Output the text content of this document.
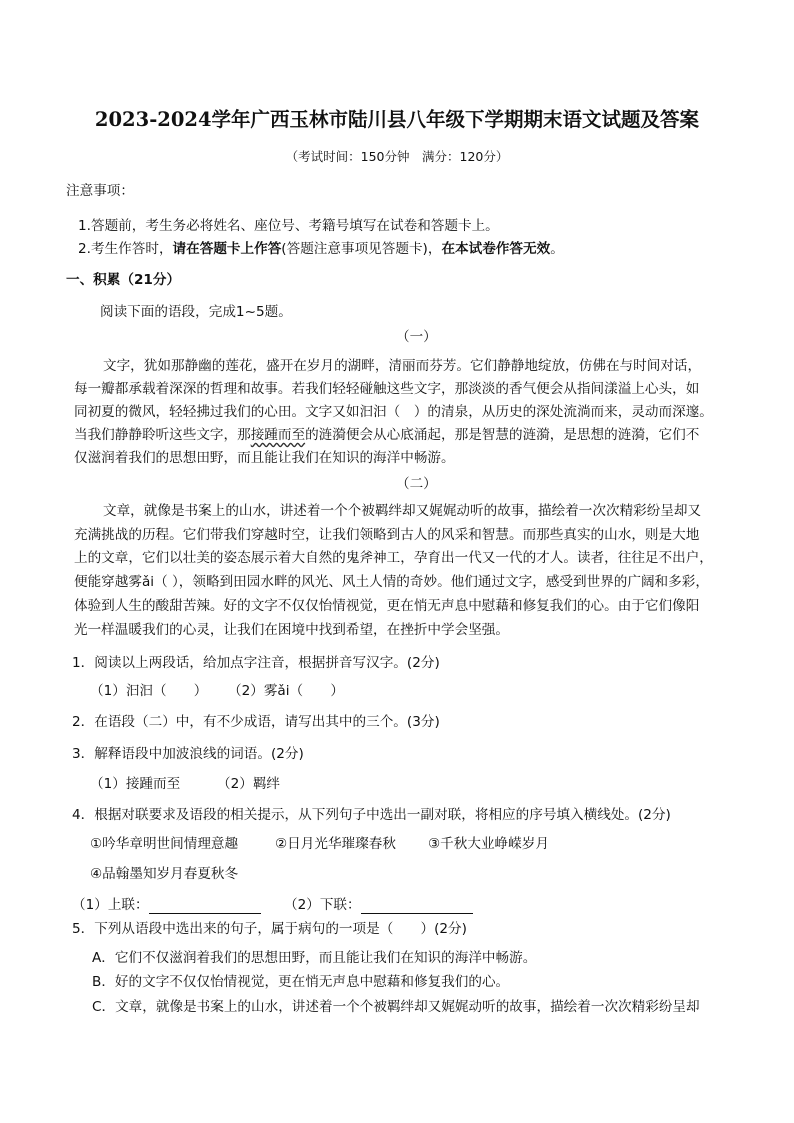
2023-2024学年广西玉林市陆川县八年级下学期期末语文试题及答案
（考试时间：150分钟　满分：120分）
注意事项：
1.答题前，考生务必将姓名、座位号、考籍号填写在试卷和答题卡上。
2.考生作答时，请在答题卡上作答(答题注意事项见答题卡)，在本试卷作答无效。
一、积累（21分）
阅读下面的语段，完成1~5题。
（一）
文字，犹如那静幽的莲花，盛开在岁月的湖畔，清丽而芬芳。它们静静地绽放，仿佛在与时间对话，
每一瓣都承载着深深的哲理和故事。若我们轻轻碰触这些文字，那淡淡的香气便会从指间漾溢上心头，如
同初夏的微风，轻轻拂过我们的心田。文字又如汩汩（　）的清泉，从历史的深处流淌而来，灵动而深邃。
当我们静静聆听这些文字，那接踵而至的涟漪便会从心底涌起，那是智慧的涟漪，是思想的涟漪，它们不
仅滋润着我们的思想田野，而且能让我们在知识的海洋中畅游。
（二）
文章，就像是书案上的山水，讲述着一个个被羁绊却又娓娓动听的故事，描绘着一次次精彩纷呈却又
充满挑战的历程。它们带我们穿越时空，让我们领略到古人的风采和智慧。而那些真实的山水，则是大地
上的文章，它们以壮美的姿态展示着大自然的鬼斧神工，孕育出一代又一代的才人。读者，往往足不出户，
便能穿越雾ǎi（ ），领略到田园水畔的风光、风土人情的奇妙。他们通过文字，感受到世界的广阔和多彩，
体验到人生的酸甜苦辣。好的文字不仅仅怡情视觉，更在悄无声息中慰藉和修复我们的心。由于它们像阳
光一样温暖我们的心灵，让我们在困境中找到希望，在挫折中学会坚强。
1．阅读以上两段话，给加点字注音，根据拼音写汉字。(2分)
（1）汩汩（　　） （2）雾ǎi（　　）
2．在语段（二）中，有不少成语，请写出其中的三个。(3分)
3．解释语段中加波浪线的词语。(2分)
（1）接踵而至	（2）羁绊
4．根据对联要求及语段的相关提示，从下列句子中选出一副对联，将相应的序号填入横线处。(2分)
①吟华章明世间情理意趣	②日月光华璀璨春秋 ③千秋大业峥嵘岁月
④品翰墨知岁月春夏秋冬
（1）上联：	（2）下联：
5．下列从语段中选出来的句子，属于病句的一项是（　　）(2分)
A．它们不仅滋润着我们的思想田野，而且能让我们在知识的海洋中畅游。
B．好的文字不仅仅怡情视觉，更在悄无声息中慰藉和修复我们的心。
C．文章，就像是书案上的山水，讲述着一个个被羁绊却又娓娓动听的故事，描绘着一次次精彩纷呈却
